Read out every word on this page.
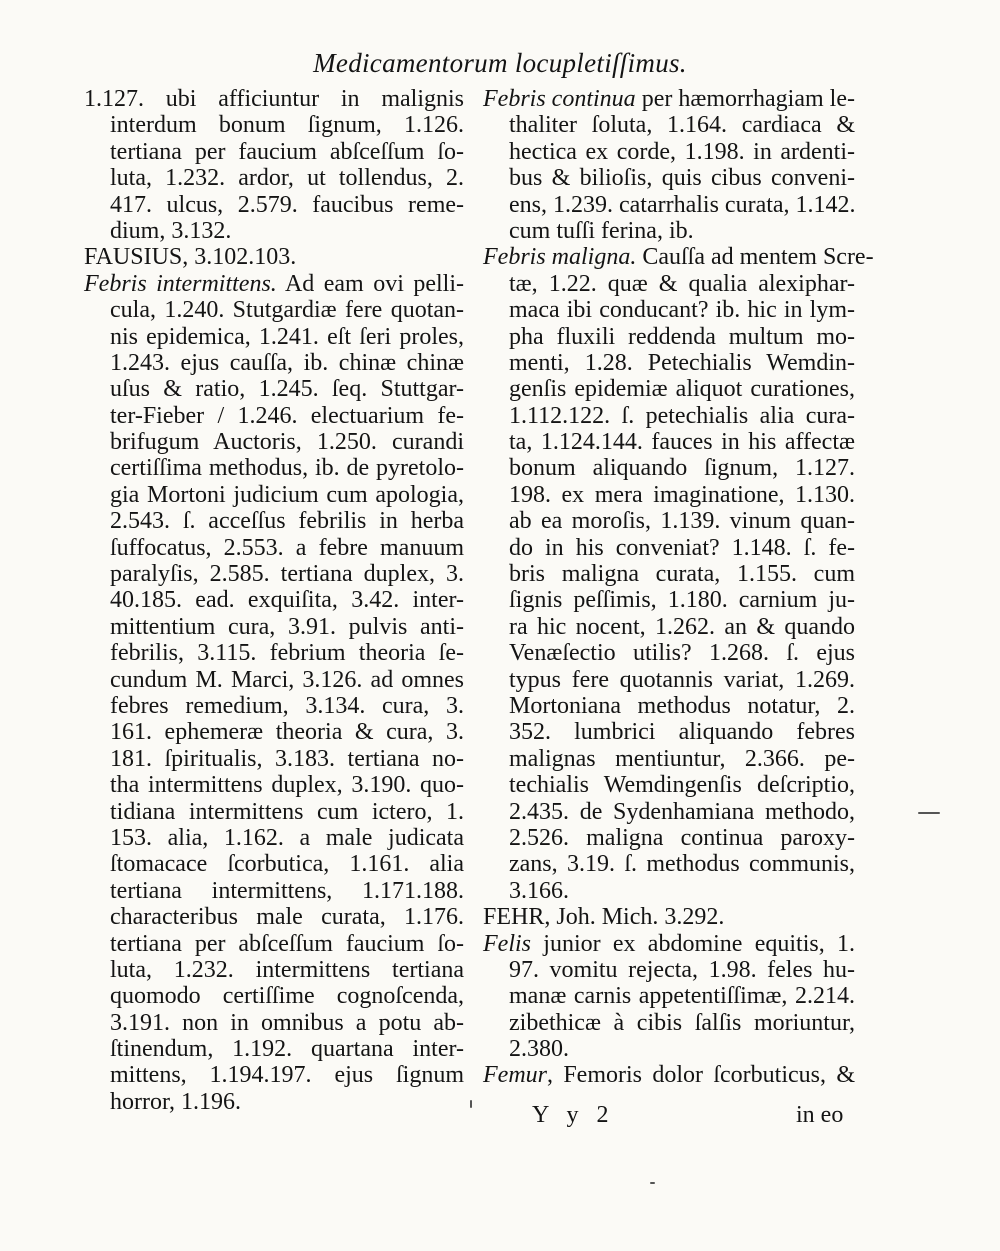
Medicamentorum locupletiſſimus.
1.127. ubi afficiuntur in malignis
interdum bonum ſignum, 1.126.
tertiana per faucium abſceſſum ſo-
luta, 1.232. ardor, ut tollendus, 2.
417. ulcus, 2.579. faucibus reme-
dium, 3.132.
FAUSIUS, 3.102.103.
Febris intermittens. Ad eam ovi pelli-
cula, 1.240. Stutgardiæ fere quotan-
nis epidemica, 1.241. eſt ſeri proles,
1.243. ejus cauſſa, ib. chinæ chinæ
uſus & ratio, 1.245. ſeq. Stuttgar-
ter-Fieber / 1.246. electuarium fe-
brifugum Auctoris, 1.250. curandi
certiſſima methodus, ib. de pyretolo-
gia Mortoni judicium cum apologia,
2.543. ſ. acceſſus febrilis in herba
ſuffocatus, 2.553. a febre manuum
paralyſis, 2.585. tertiana duplex, 3.
40.185. ead. exquiſita, 3.42. inter-
mittentium cura, 3.91. pulvis anti-
febrilis, 3.115. febrium theoria ſe-
cundum M. Marci, 3.126. ad omnes
febres remedium, 3.134. cura, 3.
161. ephemeræ theoria & cura, 3.
181. ſpiritualis, 3.183. tertiana no-
tha intermittens duplex, 3.190. quo-
tidiana intermittens cum ictero, 1.
153. alia, 1.162. a male judicata
ſtomacace ſcorbutica, 1.161. alia
tertiana intermittens, 1.171.188.
characteribus male curata, 1.176.
tertiana per abſceſſum faucium ſo-
luta, 1.232. intermittens tertiana
quomodo certiſſime cognoſcenda,
3.191. non in omnibus a potu ab-
ſtinendum, 1.192. quartana inter-
mittens, 1.194.197. ejus ſignum
horror, 1.196.
Febris continua per hæmorrhagiam le-
thaliter ſoluta, 1.164. cardiaca &
hectica ex corde, 1.198. in ardenti-
bus & bilioſis, quis cibus conveni-
ens, 1.239. catarrhalis curata, 1.142.
cum tuſſi ferina, ib.
Febris maligna. Cauſſa ad mentem Scre-
tæ, 1.22. quæ & qualia alexiphar-
maca ibi conducant? ib. hic in lym-
pha fluxili reddenda multum mo-
menti, 1.28. Petechialis Wemdin-
genſis epidemiæ aliquot curationes,
1.112.122. ſ. petechialis alia cura-
ta, 1.124.144. fauces in his affectæ
bonum aliquando ſignum, 1.127.
198. ex mera imaginatione, 1.130.
ab ea moroſis, 1.139. vinum quan-
do in his conveniat? 1.148. ſ. fe-
bris maligna curata, 1.155. cum
ſignis peſſimis, 1.180. carnium ju-
ra hic nocent, 1.262. an & quando
Venæſectio utilis? 1.268. ſ. ejus
typus fere quotannis variat, 1.269.
Mortoniana methodus notatur, 2.
352. lumbrici aliquando febres
malignas mentiuntur, 2.366. pe-
techialis Wemdingenſis deſcriptio,
2.435. de Sydenhamiana methodo,
2.526. maligna continua paroxy-
zans, 3.19. ſ. methodus communis,
3.166.
FEHR, Joh. Mich. 3.292.
Felis junior ex abdomine equitis, 1.
97. vomitu rejecta, 1.98. feles hu-
manæ carnis appetentiſſimæ, 2.214.
zibethicæ à cibis ſalſis moriuntur,
2.380.
Femur, Femoris dolor ſcorbuticus, &
Y y 2	in eo
